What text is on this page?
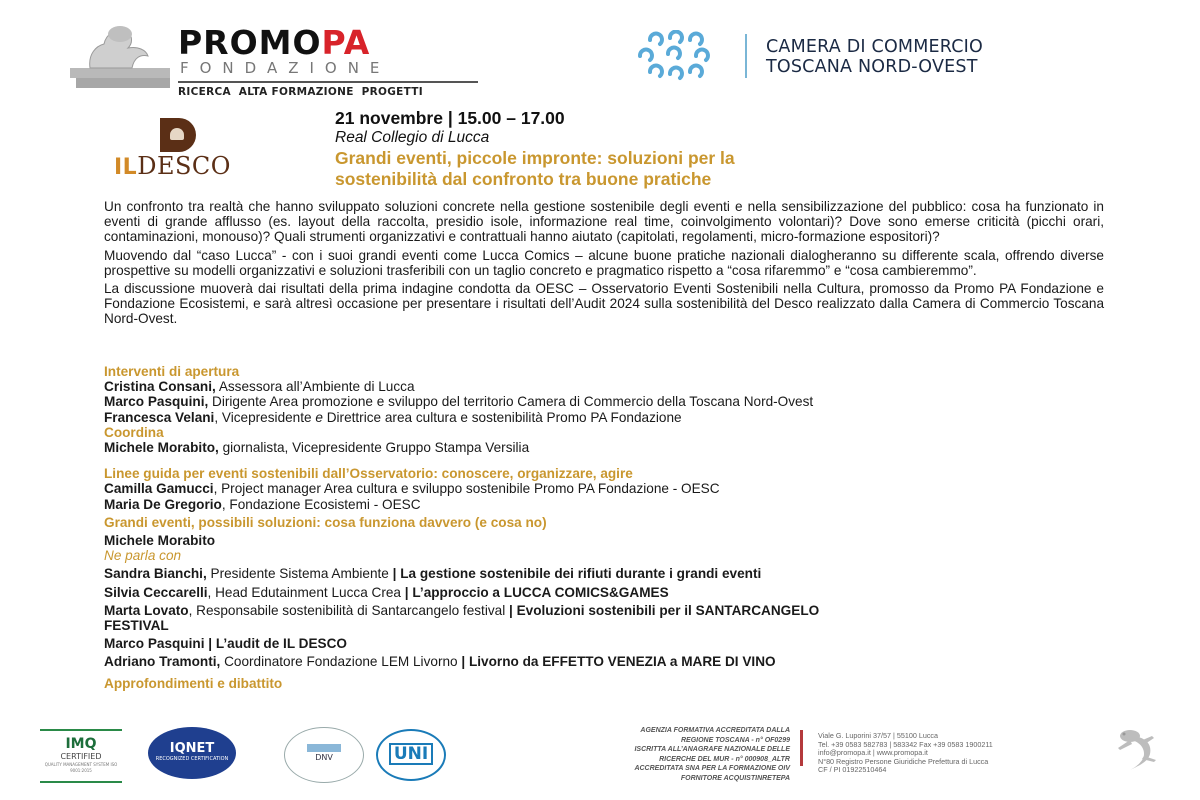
PROMOPA
FONDAZIONE
RICERCA  ALTA FORMAZIONE  PROGETTI
CAMERA DI COMMERCIO
TOSCANA NORD-OVEST
ILDESCO
21 novembre | 15.00 – 17.00
Real Collegio di Lucca
Grandi eventi, piccole impronte: soluzioni per la
sostenibilità dal confronto tra buone pratiche

Un confronto tra realtà che hanno sviluppato soluzioni concrete nella gestione sostenibile degli eventi e nella sensibilizzazione del pubblico: cosa ha funzionato in eventi di grande afflusso (es. layout della raccolta, presidio isole, informazione real time, coinvolgimento volontari)? Dove sono emerse criticità (picchi orari, contaminazioni, monouso)? Quali strumenti organizzativi e contrattuali hanno aiutato (capitolati, regolamenti, micro-formazione espositori)?

Muovendo dal “caso Lucca” - con i suoi grandi eventi come Lucca Comics – alcune buone pratiche nazionali dialogheranno su differente scala, offrendo diverse prospettive su modelli organizzativi e soluzioni trasferibili con un taglio concreto e pragmatico rispetto a “cosa rifaremmo” e “cosa cambieremmo”.

La discussione muoverà dai risultati della prima indagine condotta da OESC – Osservatorio Eventi Sostenibili nella Cultura, promosso da Promo PA Fondazione e Fondazione Ecosistemi, e sarà altresì occasione per presentare i risultati dell’Audit 2024 sulla sostenibilità del Desco realizzato dalla Camera di Commercio Toscana Nord-Ovest.

Interventi di apertura
Cristina Consani, Assessora all’Ambiente di Lucca
Marco Pasquini, Dirigente Area promozione e sviluppo del territorio Camera di Commercio della Toscana Nord-Ovest
Francesca Velani, Vicepresidente e Direttrice area cultura e sostenibilità Promo PA Fondazione
Coordina
Michele Morabito, giornalista, Vicepresidente Gruppo Stampa Versilia
Linee guida per eventi sostenibili dall’Osservatorio: conoscere, organizzare, agire
Camilla Gamucci, Project manager Area cultura e sviluppo sostenibile Promo PA Fondazione - OESC
Maria De Gregorio, Fondazione Ecosistemi - OESC
Grandi eventi, possibili soluzioni: cosa funziona davvero (e cosa no)
Michele Morabito
Ne parla con
Sandra Bianchi, Presidente Sistema Ambiente | La gestione sostenibile dei rifiuti durante i grandi eventi
Silvia Ceccarelli, Head Edutainment Lucca Crea | L’approccio a LUCCA COMICS&GAMES
Marta Lovato, Responsabile sostenibilità di Santarcangelo festival | Evoluzioni sostenibili per il SANTARCANGELO FESTIVAL
Marco Pasquini | L’audit de IL DESCO
Adriano Tramonti, Coordinatore Fondazione LEM Livorno | Livorno da EFFETTO VENEZIA a MARE DI VINO
Approfondimenti e dibattito
IMQ
CERTIFIED
QUALITY MANAGEMENT SYSTEM ISO 9001:2015
IQNET
RECOGNIZED CERTIFICATION	DNV	UNI
AGENZIA FORMATIVA ACCREDITATA DALLA
REGIONE TOSCANA - n° OF0299
ISCRITTA ALL’ANAGRAFE NAZIONALE DELLE
RICERCHE DEL MUR - n° 000908_ALTR
ACCREDITATA SNA PER LA FORMAZIONE OIV
FORNITORE ACQUISTINRETEPA
Viale G. Luporini 37/57 | 55100 Lucca
Tel. +39 0583 582783 | 583342 Fax +39 0583 1900211
info@promopa.it | www.promopa.it
N°80 Registro Persone Giuridiche Prefettura di Lucca
CF / PI 01922510464
